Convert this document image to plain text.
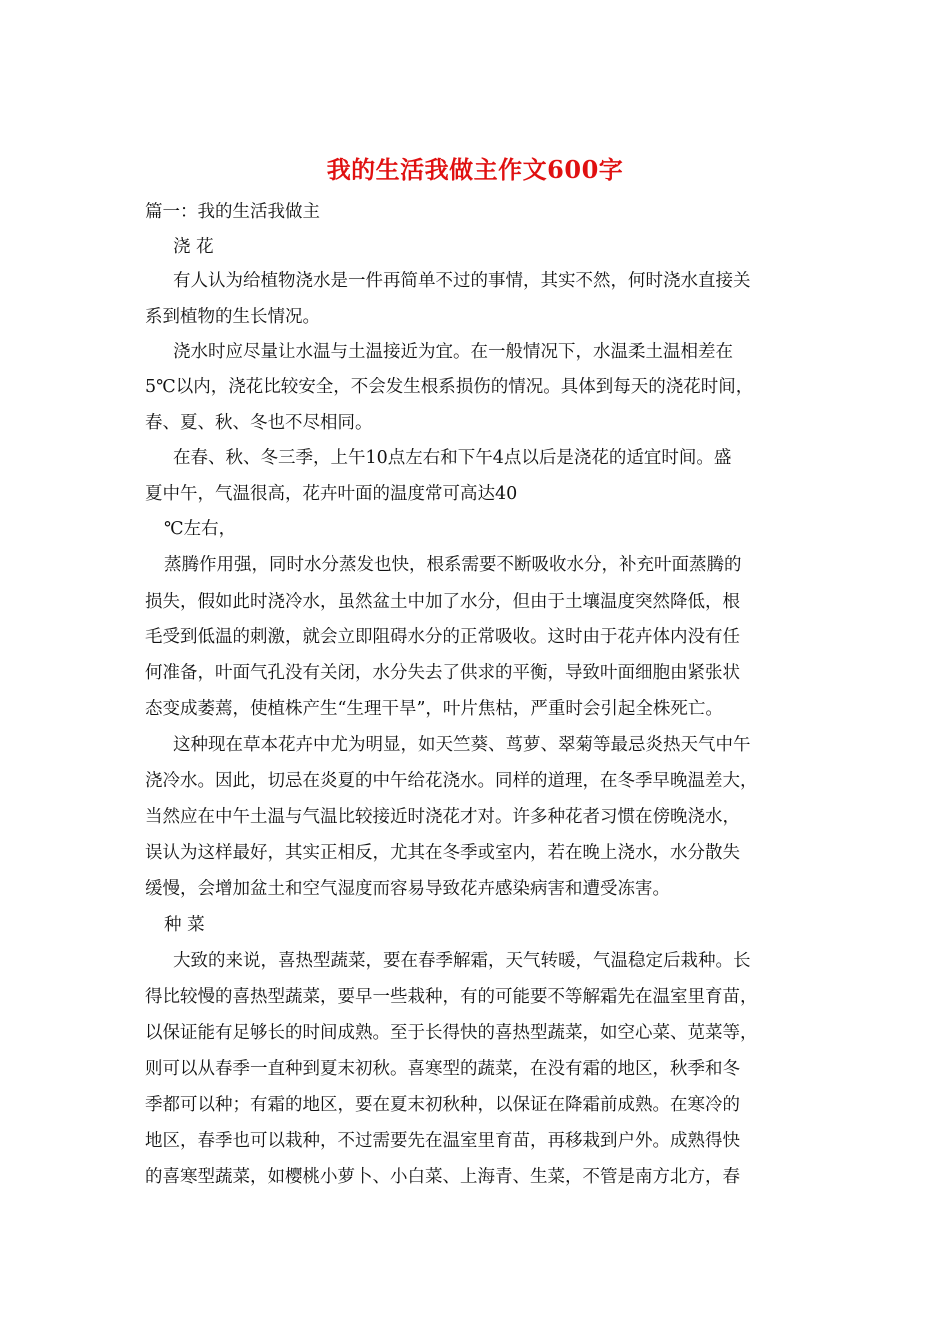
我的生活我做主作文600字
篇一：我的生活我做主
浇 花
有人认为给植物浇水是一件再简单不过的事情，其实不然，何时浇水直接关
系到植物的生长情况。
浇水时应尽量让水温与土温接近为宜。在一般情况下，水温柔土温相差在
5℃以内，浇花比较安全，不会发生根系损伤的情况。具体到每天的浇花时间，
春、夏、秋、冬也不尽相同。
在春、秋、冬三季，上午10点左右和下午4点以后是浇花的适宜时间。盛
夏中午，气温很高，花卉叶面的温度常可高达40
℃左右，
蒸腾作用强，同时水分蒸发也快，根系需要不断吸收水分，补充叶面蒸腾的
损失，假如此时浇冷水，虽然盆土中加了水分，但由于土壤温度突然降低，根
毛受到低温的刺激，就会立即阻碍水分的正常吸收。这时由于花卉体内没有任
何准备，叶面气孔没有关闭，水分失去了供求的平衡，导致叶面细胞由紧张状
态变成萎蔫，使植株产生“生理干旱”，叶片焦枯，严重时会引起全株死亡。
这种现在草本花卉中尤为明显，如天竺葵、茑萝、翠菊等最忌炎热天气中午
浇冷水。因此，切忌在炎夏的中午给花浇水。同样的道理，在冬季早晚温差大，
当然应在中午土温与气温比较接近时浇花才对。许多种花者习惯在傍晚浇水，
误认为这样最好，其实正相反，尤其在冬季或室内，若在晚上浇水，水分散失
缓慢，会增加盆土和空气湿度而容易导致花卉感染病害和遭受冻害。
种 菜
大致的来说，喜热型蔬菜，要在春季解霜，天气转暖，气温稳定后栽种。长
得比较慢的喜热型蔬菜，要早一些栽种，有的可能要不等解霜先在温室里育苗，
以保证能有足够长的时间成熟。至于长得快的喜热型蔬菜，如空心菜、苋菜等，
则可以从春季一直种到夏末初秋。喜寒型的蔬菜，在没有霜的地区，秋季和冬
季都可以种；有霜的地区，要在夏末初秋种，以保证在降霜前成熟。在寒冷的
地区，春季也可以栽种，不过需要先在温室里育苗，再移栽到户外。成熟得快
的喜寒型蔬菜，如樱桃小萝卜、小白菜、上海青、生菜，不管是南方北方，春
